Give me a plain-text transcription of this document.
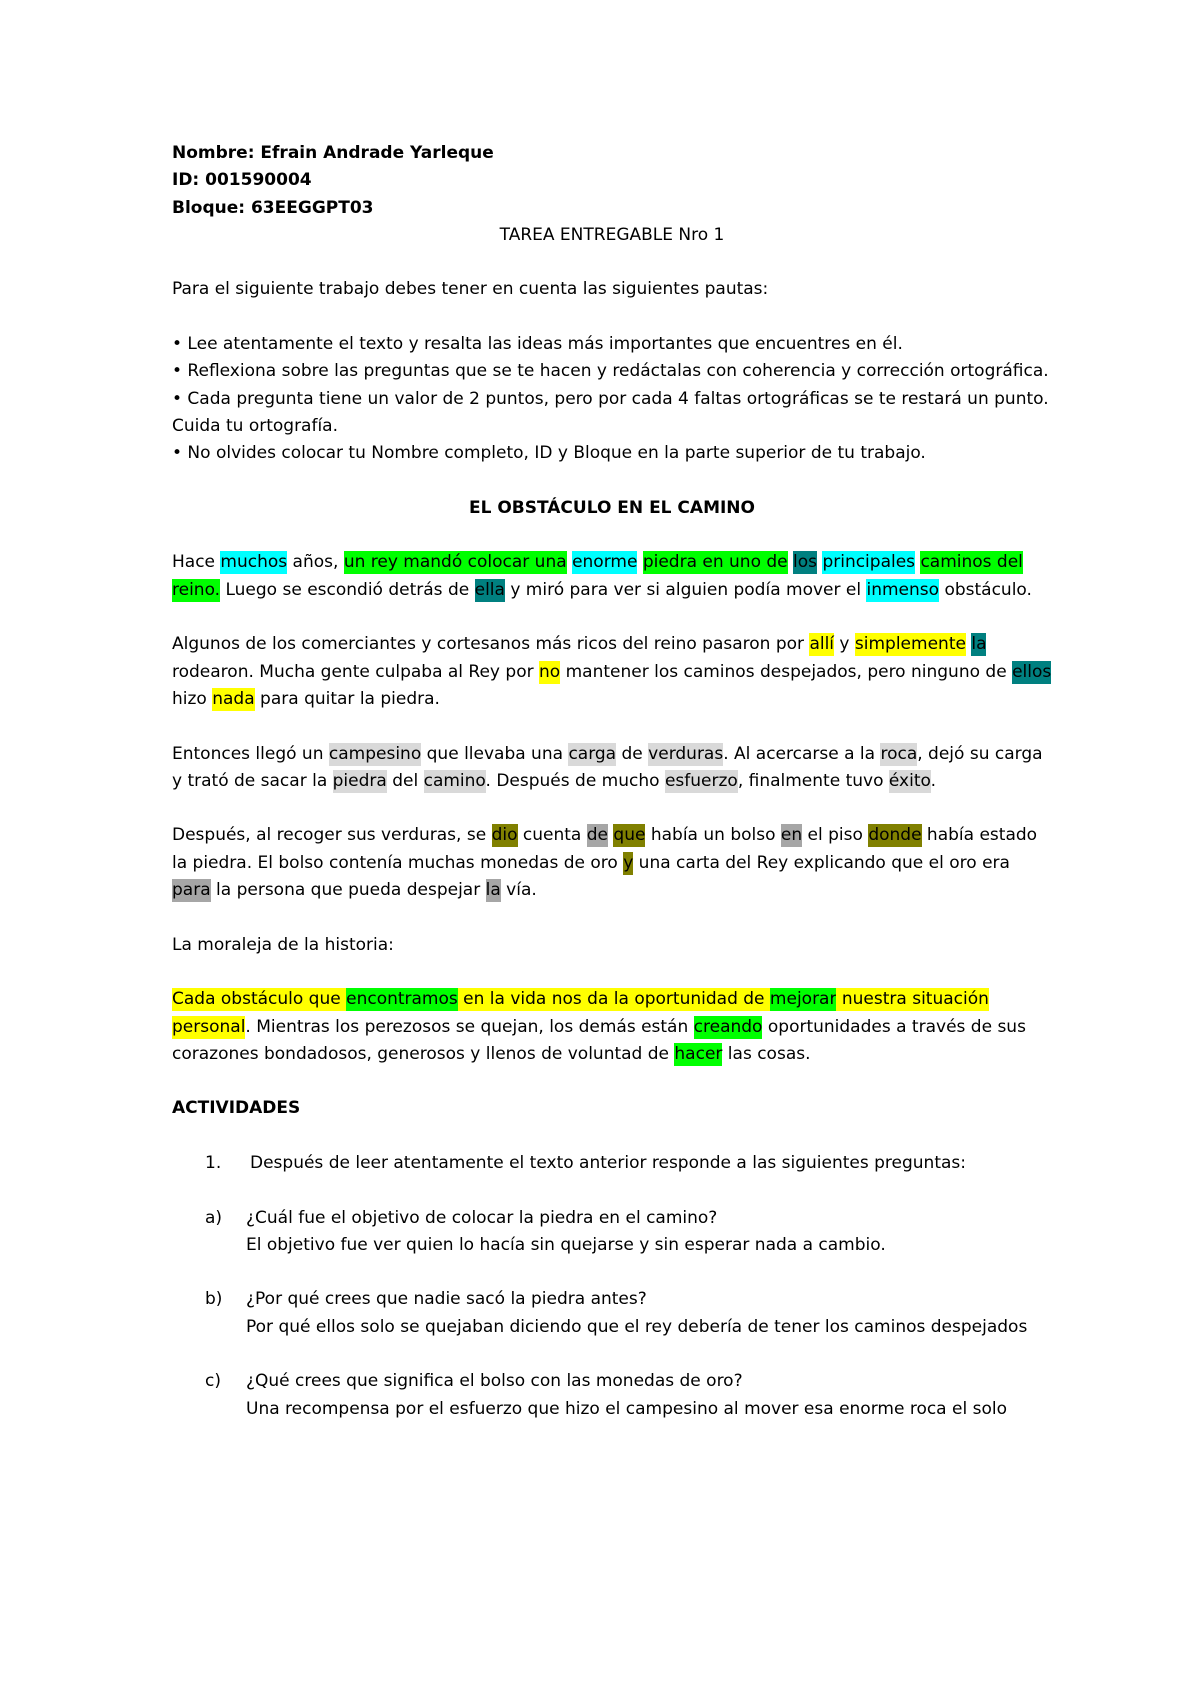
Nombre: Efrain Andrade Yarleque
ID: 001590004
Bloque: 63EEGGPT03
TAREA ENTREGABLE Nro 1

Para el siguiente trabajo debes tener en cuenta las siguientes pautas:

• Lee atentamente el texto y resalta las ideas más importantes que encuentres en él.

• Reflexiona sobre las preguntas que se te hacen y redáctalas con coherencia y corrección ortográfica.

• Cada pregunta tiene un valor de 2 puntos, pero por cada 4 faltas ortográficas se te restará un punto. Cuida tu ortografía.

• No olvides colocar tu Nombre completo, ID y Bloque en la parte superior de tu trabajo.

EL OBSTÁCULO EN EL CAMINO

Hace muchos años, un rey mandó colocar una enorme piedra en uno de los principales caminos del reino. Luego se escondió detrás de ella y miró para ver si alguien podía mover el inmenso obstáculo.

Algunos de los comerciantes y cortesanos más ricos del reino pasaron por allí y simplemente la rodearon. Mucha gente culpaba al Rey por no mantener los caminos despejados, pero ninguno de ellos hizo nada para quitar la piedra.

Entonces llegó un campesino que llevaba una carga de verduras. Al acercarse a la roca, dejó su carga y trató de sacar la piedra del camino. Después de mucho esfuerzo, finalmente tuvo éxito.

Después, al recoger sus verduras, se dio cuenta de que había un bolso en el piso donde había estado la piedra. El bolso contenía muchas monedas de oro y una carta del Rey explicando que el oro era para la persona que pueda despejar la vía.

La moraleja de la historia:

Cada obstáculo que encontramos en la vida nos da la oportunidad de mejorar nuestra situación personal. Mientras los perezosos se quejan, los demás están creando oportunidades a través de sus corazones bondadosos, generosos y llenos de voluntad de hacer las cosas.

ACTIVIDADES
1.	Después de leer atentamente el texto anterior responde a las siguientes preguntas:
a)	¿Cuál fue el objetivo de colocar la piedra en el camino?
El objetivo fue ver quien lo hacía sin quejarse y sin esperar nada a cambio.
b)	¿Por qué crees que nadie sacó la piedra antes?
Por qué ellos solo se quejaban diciendo que el rey debería de tener los caminos despejados
c)	¿Qué crees que significa el bolso con las monedas de oro?
Una recompensa por el esfuerzo que hizo el campesino al mover esa enorme roca el solo
